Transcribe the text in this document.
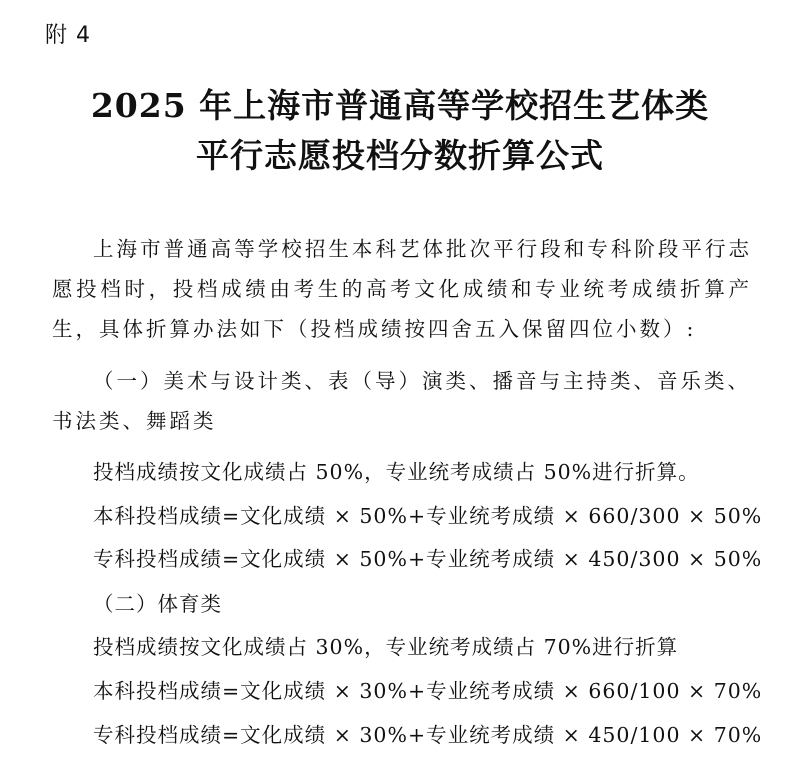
附 4
2025 年上海市普通高等学校招生艺体类
平行志愿投档分数折算公式
上海市普通高等学校招生本科艺体批次平行段和专科阶段平行志愿投档时，投档成绩由考生的高考文化成绩和专业统考成绩折算产生，具体折算办法如下（投档成绩按四舍五入保留四位小数）:
（一）美术与设计类、表（导）演类、播音与主持类、音乐类、书法类、舞蹈类
投档成绩按文化成绩占 50%，专业统考成绩占 50%进行折算。
本科投档成绩=文化成绩 × 50%+专业统考成绩 × 660/300 × 50%
专科投档成绩=文化成绩 × 50%+专业统考成绩 × 450/300 × 50%
（二）体育类
投档成绩按文化成绩占 30%，专业统考成绩占 70%进行折算
本科投档成绩=文化成绩 × 30%+专业统考成绩 × 660/100 × 70%
专科投档成绩=文化成绩 × 30%+专业统考成绩 × 450/100 × 70%
